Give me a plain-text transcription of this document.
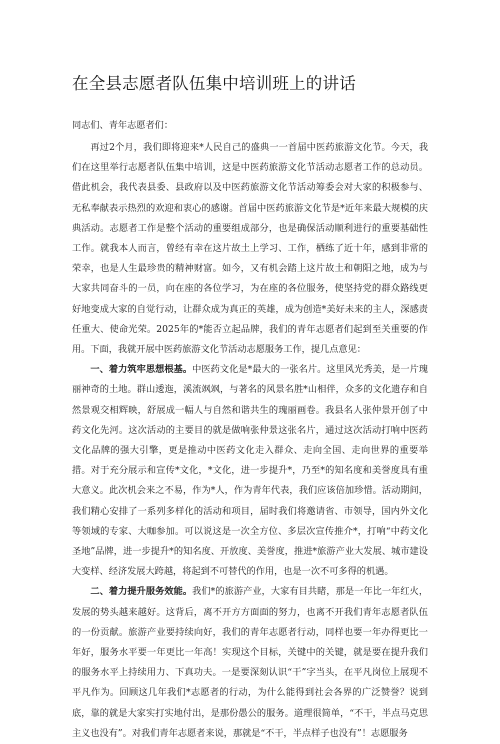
在全县志愿者队伍集中培训班上的讲话

同志们、青年志愿者们：

再过2个月，我们即将迎来*人民自己的盛典一一首届中医药旅游文化节。今天，我们在这里举行志愿者队伍集中培训，这是中医药旅游文化节活动志愿者工作的总动员。借此机会，我代表县委、县政府以及中医药旅游文化节活动筹委会对大家的积极参与、无私奉献表示热烈的欢迎和衷心的感谢。首届中医药旅游文化节是*近年来最大规模的庆典活动。志愿者工作是整个活动的重要组成部分，也是确保活动顺利进行的重要基础性工作。就我本人而言，曾经有幸在这片故土上学习、工作，栖练了近十年，感到非常的荣幸，也是人生最珍贵的精神财富。如今，又有机会踏上这片故土和朝阳之地，成为与大家共同奋斗的一员，向在座的各位学习，为在座的各位服务，使坚持党的群众路线更好地变成大家的自觉行动，让群众成为真正的英雄，成为创造*美好未来的主人，深感责任重大、使命光荣。2025年的*能否立起品牌，我们的青年志愿者们起到至关重要的作用。下面，我就开展中医药旅游文化节活动志愿服务工作，提几点意见：

一、着力筑牢思想根基。中医药文化是*最大的一张名片。这里风光秀美，是一片瑰丽神奇的土地。群山逶迤，溪流飒飒，与著名的风景名胜*山相伴，众多的文化遗存和自然景观交相辉映，舒展成一幅人与自然和谐共生的瑰丽画卷。我县名人张仲景开创了中药文化先河。这次活动的主要目的就是做响张仲景这张名片，通过这次活动打响中医药文化品牌的强大引擎，更是推动中医药文化走入群众、走向全国、走向世界的重要举措。对于充分展示和宣传*文化，*文化，进一步提升*，乃至*的知名度和美誉度具有重大意义。此次机会来之不易，作为*人，作为青年代表，我们应该倍加珍惜。活动期间，我们精心安排了一系列多样化的活动和项目，届时我们将邀请省、市领导，国内外文化等领域的专家、大咖参加。可以说这是一次全方位、多层次宣传推介*，打响“中药文化圣地”品牌，进一步提升*的知名度、开放度、美誉度，推进*旅游产业大发展、城市建设大变样、经济发展大跨越，将起到不可替代的作用，也是一次不可多得的机遇。

二、着力提升服务效能。我们*的旅游产业，大家有目共睹，那是一年比一年红火，发展的势头越来越好。这背后，离不开方方面面的努力，也离不开我们青年志愿者队伍的一份贡献。旅游产业要持续向好，我们的青年志愿者行动，同样也要一年办得更比一年好，服务水平要一年更比一年高！实现这个目标，关键中的关键，就是要在提升我们的服务水平上持续用力、下真功夫。一是要深刻认识“干”字当头，在平凡岗位上展现不平凡作为。回顾这几年我们*志愿者的行动，为什么能得到社会各界的广泛赞誉？说到底，靠的就是大家实打实地付出，是那份愚公的服务。道理很简单，“不干，半点马克思主义也没有”。对我们青年志愿者来说，那就是“不干，半点样子也没有”！志愿服务
